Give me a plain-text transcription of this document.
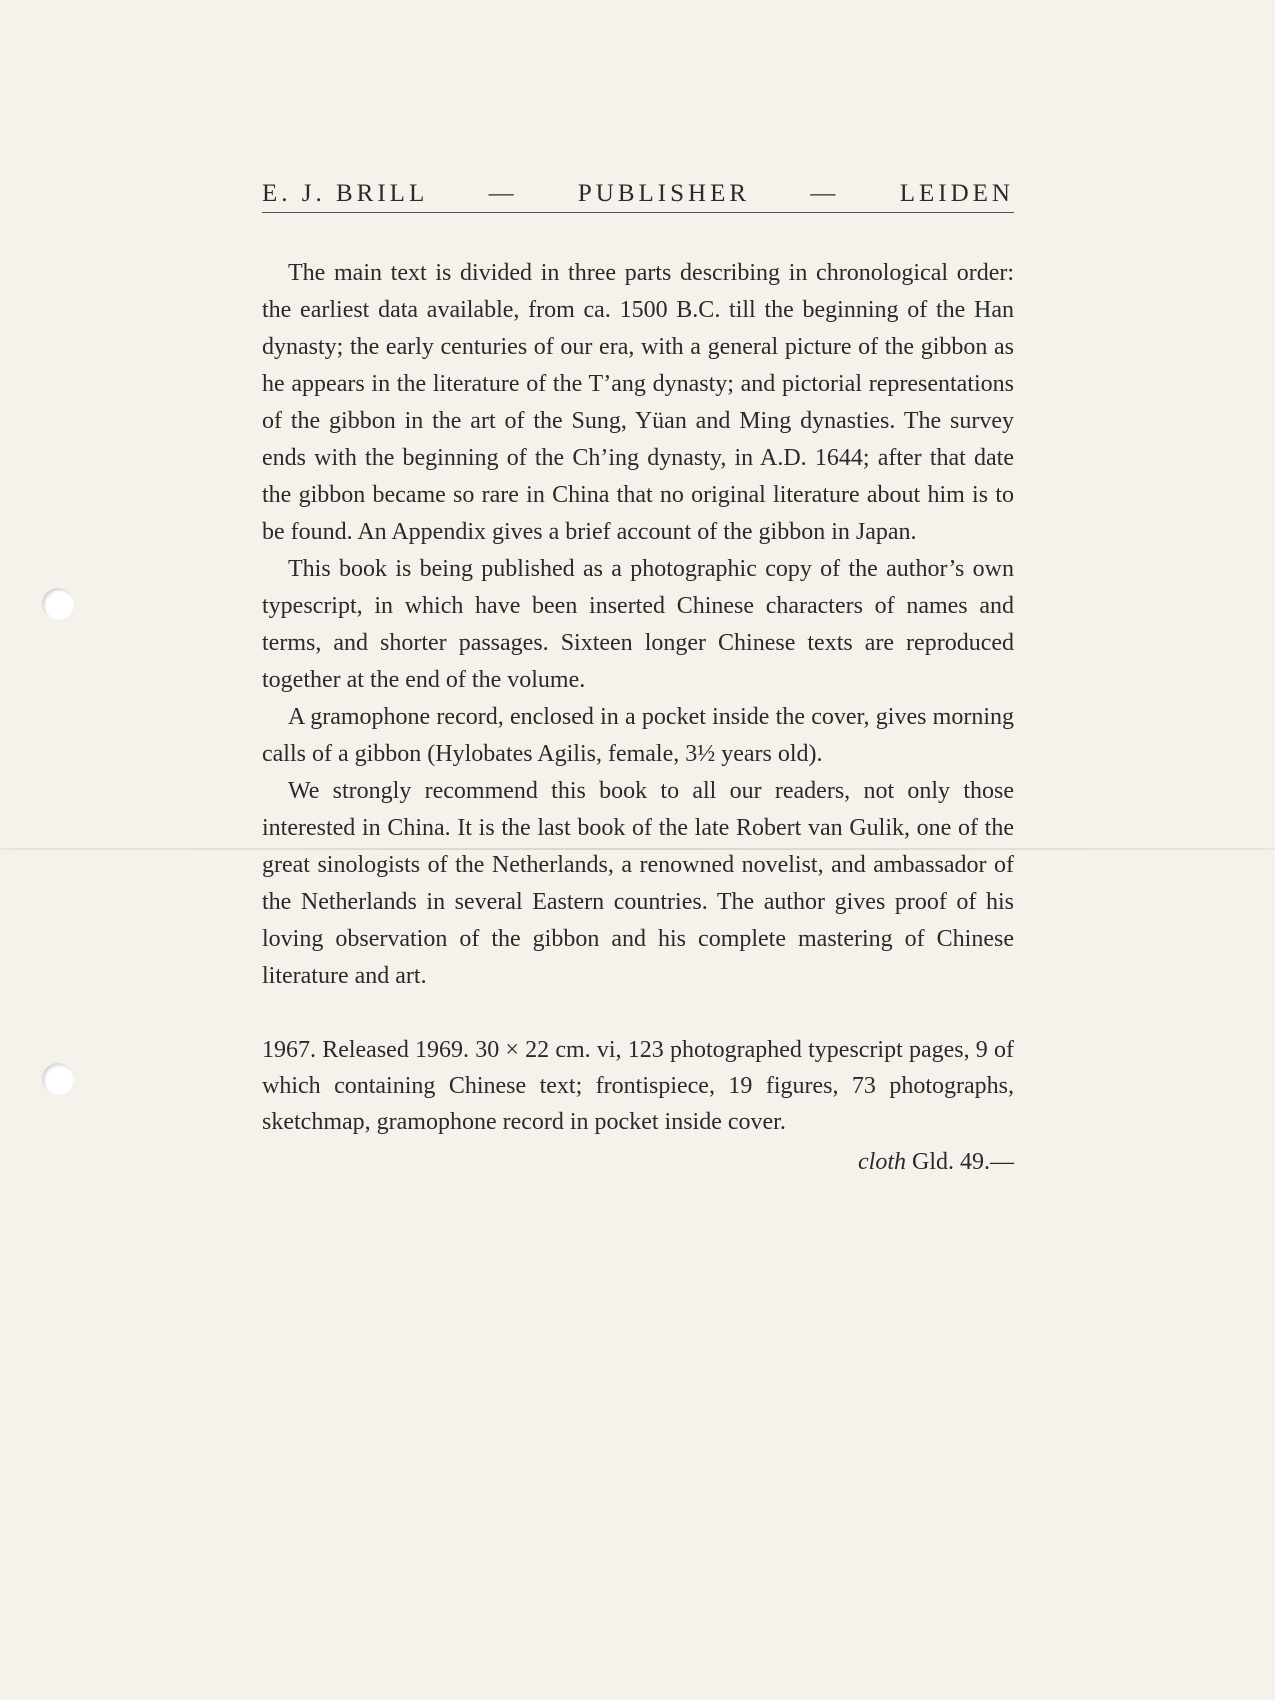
E. J. BRILL — PUBLISHER — LEIDEN

The main text is divided in three parts describing in chronological order: the earliest data available, from ca. 1500 B.C. till the beginning of the Han dynasty; the early centuries of our era, with a general picture of the gibbon as he appears in the literature of the T’ang dynasty; and pictorial representations of the gibbon in the art of the Sung, Yüan and Ming dynasties. The survey ends with the beginning of the Ch’ing dynasty, in A.D. 1644; after that date the gibbon became so rare in China that no original literature about him is to be found. An Appendix gives a brief account of the gibbon in Japan.

This book is being published as a photographic copy of the author’s own typescript, in which have been inserted Chinese characters of names and terms, and shorter passages. Sixteen longer Chinese texts are reproduced together at the end of the volume.

A gramophone record, enclosed in a pocket inside the cover, gives morning calls of a gibbon (Hylobates Agilis, female, 3½ years old).

We strongly recommend this book to all our readers, not only those interested in China. It is the last book of the late Robert van Gulik, one of the great sinologists of the Netherlands, a renowned novelist, and ambassador of the Netherlands in several Eastern countries. The author gives proof of his loving observation of the gibbon and his complete mastering of Chinese literature and art.

1967. Released 1969. 30 × 22 cm. vi, 123 photographed typescript pages, 9 of which containing Chinese text; frontispiece, 19 figures, 73 photographs, sketchmap, gramophone record in pocket inside cover.

cloth Gld. 49.—
